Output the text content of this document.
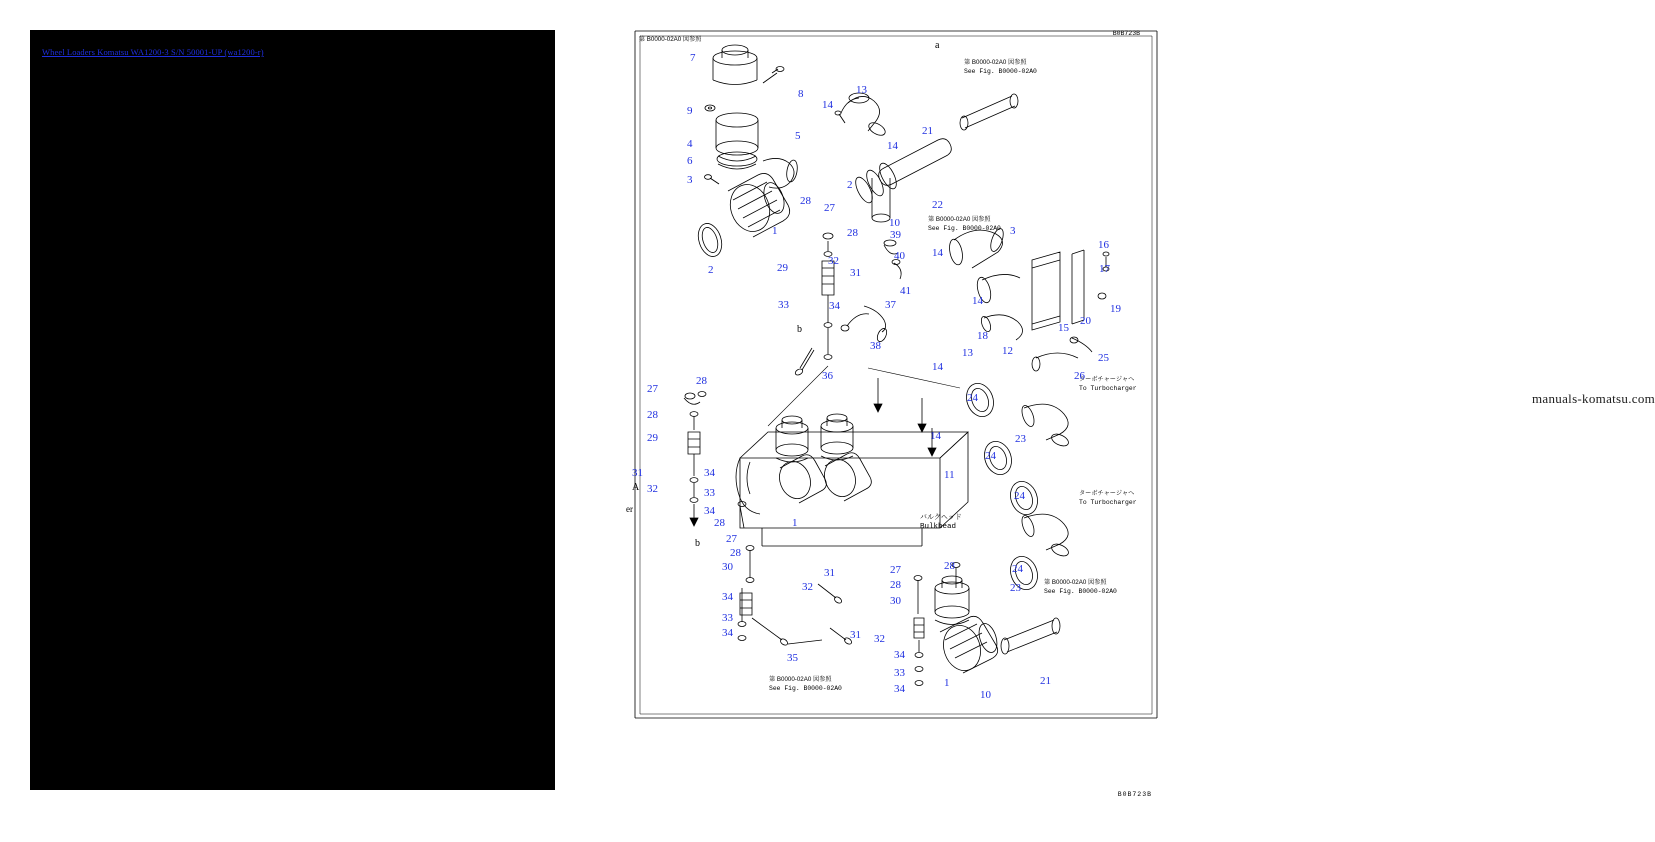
Wheel Loaders Komatsu WA1200-3 S/N 50001-UP (wa1200-r)

第 B0000-02A0 図参照

See Fig. B0000-02A0
第 B0000-02A0 図参照
第 B0000-02A0 図参照
See Fig. B0000-02A0
第 B0000-02A0 図参照
See Fig. B0000-02A0
第 B0000-02A0 図参照
See Fig. B0000-02A0
ターボチャージャへ
To Turbocharger
ターボチャージャへ
To Turbocharger
バルクヘッド
Bulkhead
b
b
a
A
er
manuals-komatsu.com
B0B723B
B0B723B
7
9
8
4
6
3
5
13
14
14
21
2
22
10
28
27
1
2
28	39
40
29
32
31
41
33	34	37
38
36
3
14
14
16
17
19
20
15
25
26
18
12
13
14
24
23
24
24
24
27
28
28
29
31
32
34
33
34
28
27
28
30
1
14
11
32
31
34
33
34
35
31 32
30
27
28
28
34
33
34	1
10
23
21
